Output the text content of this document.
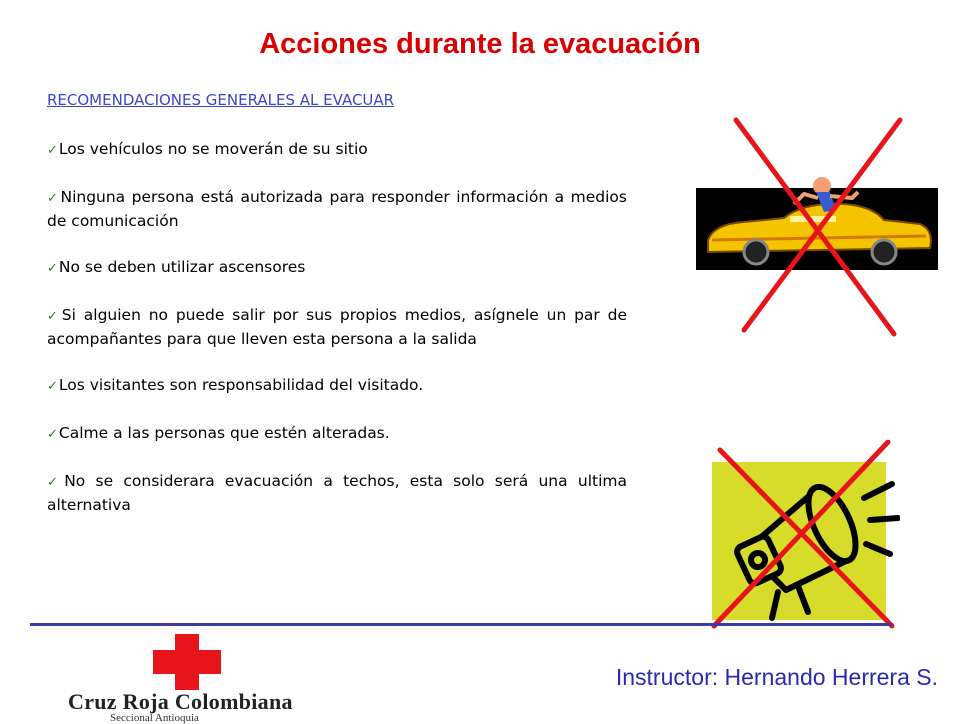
Acciones durante la evacuación

RECOMENDACIONES GENERALES AL EVACUAR

✓Los vehículos no se moverán de su sitio
✓Ninguna persona está autorizada para responder información a medios de comunicación
✓No se deben utilizar ascensores
✓Si alguien no puede salir por sus propios medios, asígnele un par de acompañantes para que lleven esta persona a la salida
✓Los visitantes son responsabilidad del visitado.
✓Calme a las personas que estén alteradas.
✓No se considerara evacuación a techos, esta solo será una ultima alternativa
Cruz Roja Colombiana
Seccional Antioquia
Instructor: Hernando Herrera S.
